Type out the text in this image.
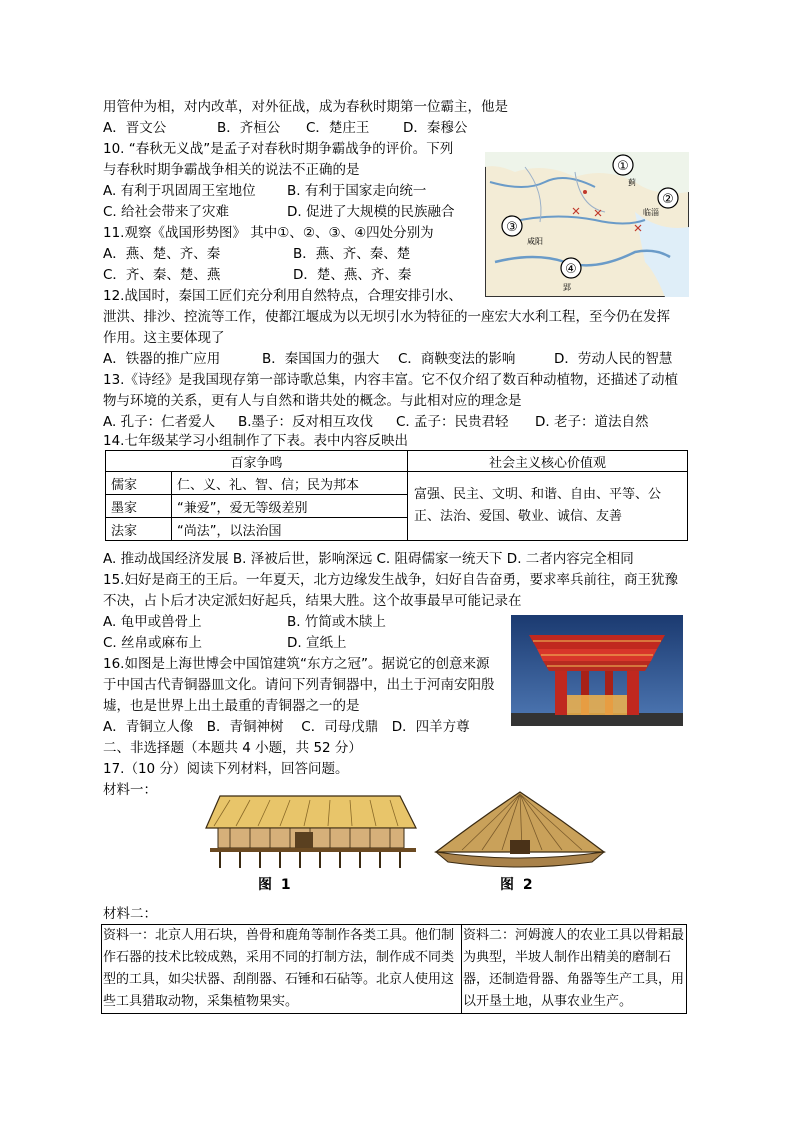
用管仲为相，对内改革，对外征战，成为春秋时期第一位霸主，他是
A．晋文公	B．齐桓公 C．楚庄王 D．秦穆公
10. “春秋无义战”是孟子对春秋时期争霸战争的评价。下列
与春秋时期争霸战争相关的说法不正确的是
A. 有利于巩固周王室地位 B. 有利于国家走向统一
C. 给社会带来了灾难	D. 促进了大规模的民族融合
11.观察《战国形势图》 其中①、②、③、④四处分别为
A．燕、楚、齐、秦	B．燕、齐、秦、楚
C．齐、秦、楚、燕	D．楚、燕、齐、秦
①
②
③
④
蓟
临淄
咸阳
郢
12.战国时，秦国工匠们充分利用自然特点，合理安排引水、
泄洪、排沙、控流等工作，使都江堰成为以无坝引水为特征的一座宏大水利工程，至今仍在发挥
作用。这主要体现了
A．铁器的推广应用	B．秦国国力的强大 C．商鞅变法的影响	D．劳动人民的智慧
13.《诗经》是我国现存第一部诗歌总集，内容丰富。它不仅介绍了数百种动植物，还描述了动植
物与环境的关系，更有人与自然和谐共处的概念。与此相对应的理念是
A. 孔子：仁者爱人 B.墨子：反对相互攻伐 C. 孟子：民贵君轻 D. 老子：道法自然
14.七年级某学习小组制作了下表。表中内容反映出
百家争鸣		社会主义核心价值观
儒家	仁、义、礼、智、信；民为邦本	富强、民主、文明、和谐、自由、平等、公正、法治、爱国、敬业、诚信、友善
墨家	“兼爱”，爱无等级差别	
法家	“尚法”，以法治国	
A. 推动战国经济发展 B. 泽被后世，影响深远 C. 阻碍儒家一统天下 D. 二者内容完全相同
15.妇好是商王的王后。一年夏天，北方边缘发生战争，妇好自告奋勇，要求率兵前往，商王犹豫
不决，占卜后才决定派妇好起兵，结果大胜。这个故事最早可能记录在
A. 龟甲或兽骨上	B. 竹简或木牍上
C. 丝帛或麻布上	D. 宣纸上
16.如图是上海世博会中国馆建筑“东方之冠”。据说它的创意来源
于中国古代青铜器皿文化。请问下列青铜器中，出土于河南安阳殷
墟，也是世界上出土最重的青铜器之一的是
A．青铜立人像　B．青铜神树　 C．司母戊鼎　D．四羊方尊
二、非选择题（本题共 4 小题，共 52 分）
17.（10 分）阅读下列材料，回答问题。
材料一：
图 1	图 2
材料二：
资料一：北京人用石块，兽骨和鹿角等制作各类工具。他们制作石器的技术比较成熟，采用不同的打制方法，制作成不同类型的工具，如尖状器、刮削器、石锤和石砧等。北京人使用这些工具猎取动物，采集植物果实。	资料二：河姆渡人的农业工具以骨耜最为典型，半坡人制作出精美的磨制石器，还制造骨器、角器等生产工具，用以开垦土地，从事农业生产。
